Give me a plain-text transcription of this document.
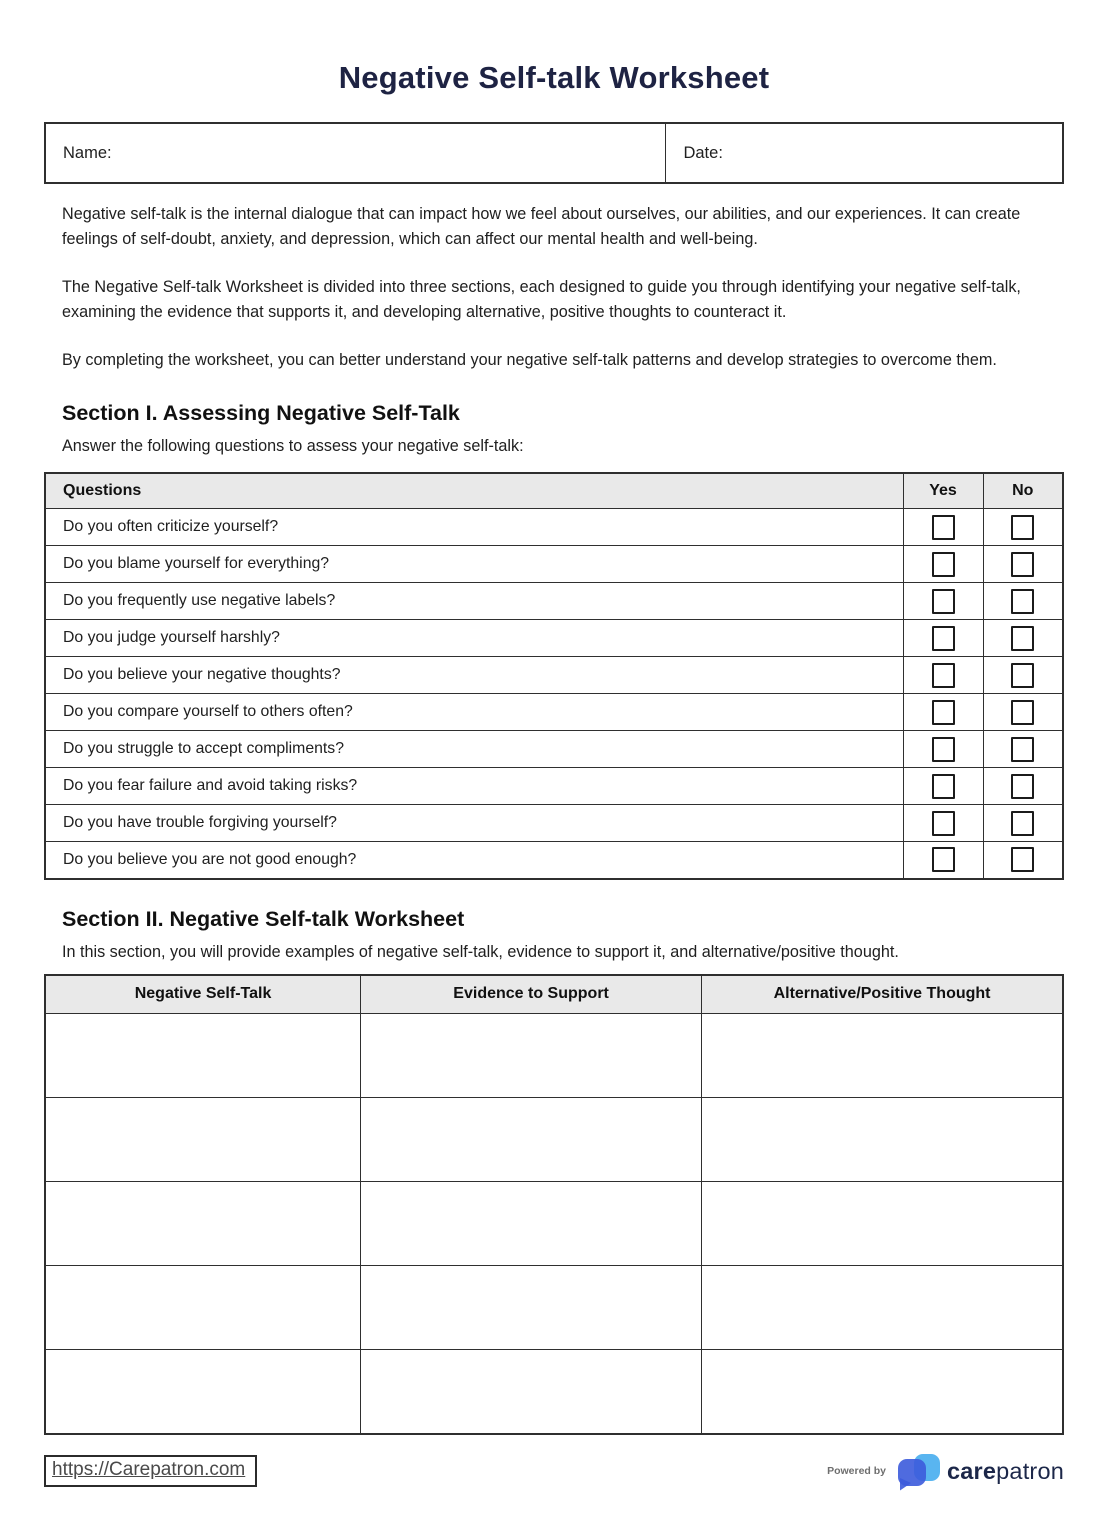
Negative Self-talk Worksheet
Name:	Date:

Negative self-talk is the internal dialogue that can impact how we feel about ourselves, our abilities, and our experiences. It can create feelings of self-doubt, anxiety, and depression, which can affect our mental health and well-being.

The Negative Self-talk Worksheet is divided into three sections, each designed to guide you through identifying your negative self-talk, examining the evidence that supports it, and developing alternative, positive thoughts to counteract it.

By completing the worksheet, you can better understand your negative self-talk patterns and develop strategies to overcome them.

Section I. Assessing Negative Self-Talk

Answer the following questions to assess your negative self-talk:

Questions	Yes	No
Do you often criticize yourself?		
Do you blame yourself for everything?		
Do you frequently use negative labels?		
Do you judge yourself harshly?		
Do you believe your negative thoughts?		
Do you compare yourself to others often?		
Do you struggle to accept compliments?		
Do you fear failure and avoid taking risks?		
Do you have trouble forgiving yourself?		
Do you believe you are not good enough?		
Section II. Negative Self-talk Worksheet

In this section, you will provide examples of negative self-talk, evidence to support it, and alternative/positive thought.

Negative Self-Talk	Evidence to Support	Alternative/Positive Thought

https://Carepatron.com	Powered by	carepatron
